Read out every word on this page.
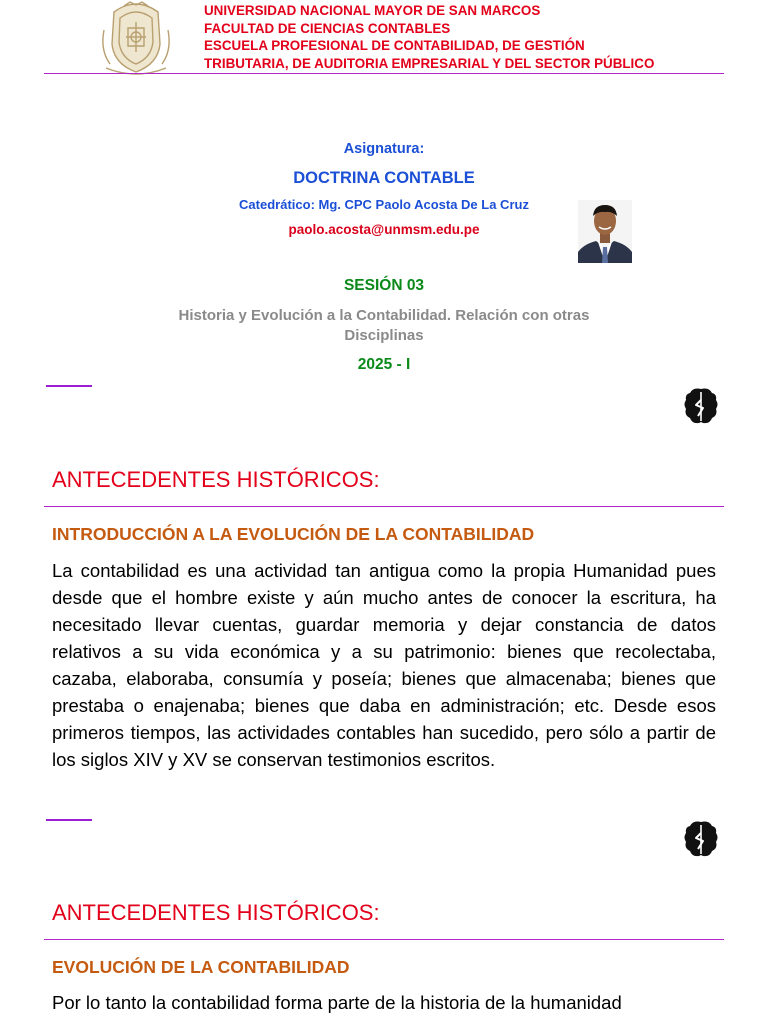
UNIVERSIDAD NACIONAL MAYOR DE SAN MARCOS
FACULTAD DE CIENCIAS CONTABLES
ESCUELA PROFESIONAL DE CONTABILIDAD, DE GESTIÓN
TRIBUTARIA, DE AUDITORIA EMPRESARIAL Y DEL SECTOR PÚBLICO
Asignatura:
DOCTRINA CONTABLE
Catedrático: Mg. CPC Paolo Acosta De La Cruz
paolo.acosta@unmsm.edu.pe
SESIÓN 03
Historia y Evolución a la Contabilidad. Relación con otras
Disciplinas
2025 - I
ANTECEDENTES HISTÓRICOS:
INTRODUCCIÓN A LA EVOLUCIÓN DE LA CONTABILIDAD
La contabilidad es una actividad tan antigua como la propia Humanidad pues desde que el hombre existe y aún mucho antes de conocer la escritura, ha necesitado llevar cuentas, guardar memoria y dejar constancia de datos relativos a su vida económica y a su patrimonio: bienes que recolectaba, cazaba, elaboraba, consumía y poseía; bienes que almacenaba; bienes que prestaba o enajenaba; bienes que daba en administración; etc. Desde esos primeros tiempos, las actividades contables han sucedido, pero sólo a partir de los siglos XIV y XV se conservan testimonios escritos.
ANTECEDENTES HISTÓRICOS:
EVOLUCIÓN DE LA CONTABILIDAD
Por lo tanto la contabilidad forma parte de la historia de la humanidad
